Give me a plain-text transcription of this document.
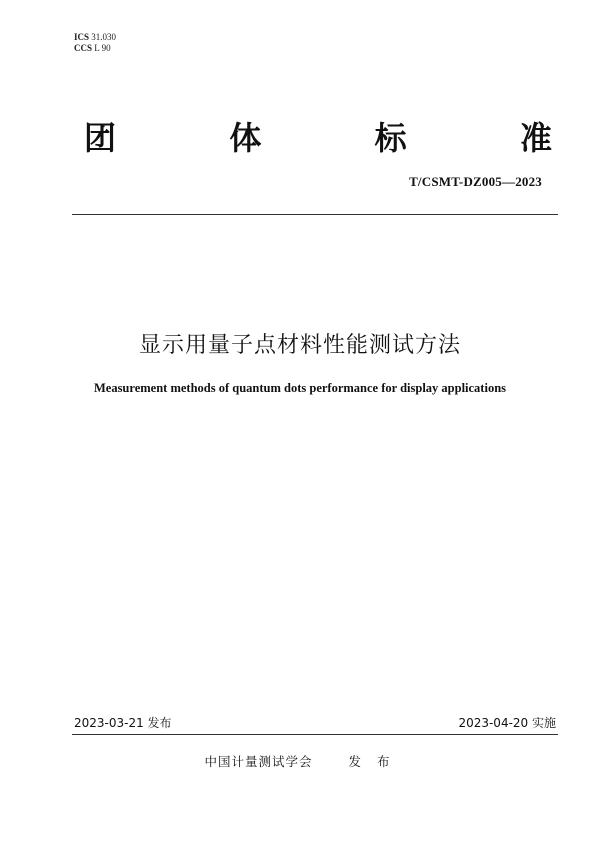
ICS 31.030
CCS L 90
团	体	标	准
T/CSMT-DZ005—2023
显示用量子点材料性能测试方法
Measurement methods of quantum dots performance for display applications
2023-03-21 发布	2023-04-20 实施
中国计量测试学会	发 布
